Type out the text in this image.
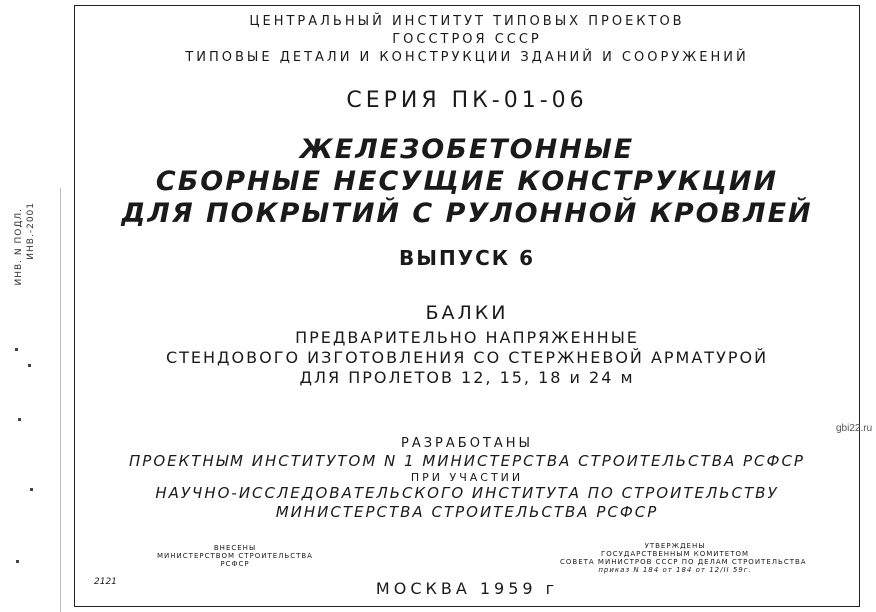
ИНВ. N ПОДЛ. ИНВ.-2001
ЦЕНТРАЛЬНЫЙ ИНСТИТУТ ТИПОВЫХ ПРОЕКТОВ
ГОССТРОЯ СССР
ТИПОВЫЕ ДЕТАЛИ И КОНСТРУКЦИИ ЗДАНИЙ И СООРУЖЕНИЙ
СЕРИЯ ПК-01-06
ЖЕЛЕЗОБЕТОННЫЕ
СБОРНЫЕ НЕСУЩИЕ КОНСТРУКЦИИ
ДЛЯ ПОКРЫТИЙ С РУЛОННОЙ КРОВЛЕЙ
ВЫПУСК 6
БАЛКИ
ПРЕДВАРИТЕЛЬНО НАПРЯЖЕННЫЕ
СТЕНДОВОГО ИЗГОТОВЛЕНИЯ СО СТЕРЖНЕВОЙ АРМАТУРОЙ
ДЛЯ ПРОЛЕТОВ 12, 15, 18 и 24 м
РАЗРАБОТАНЫ
ПРОЕКТНЫМ ИНСТИТУТОМ N 1 МИНИСТЕРСТВА СТРОИТЕЛЬСТВА РСФСР
ПРИ УЧАСТИИ
НАУЧНО-ИССЛЕДОВАТЕЛЬСКОГО ИНСТИТУТА ПО СТРОИТЕЛЬСТВУ
МИНИСТЕРСТВА СТРОИТЕЛЬСТВА РСФСР
ВНЕСЕНЫ
МИНИСТЕРСТВОМ СТРОИТЕЛЬСТВА
РСФСР
УТВЕРЖДЕНЫ
ГОСУДАРСТВЕННЫМ КОМИТЕТОМ
СОВЕТА МИНИСТРОВ СССР ПО ДЕЛАМ СТРОИТЕЛЬСТВА
приказ N 184 от 184 от 12/II 59г.
2121	МОСКВА 1959 г
gbi22.ru
